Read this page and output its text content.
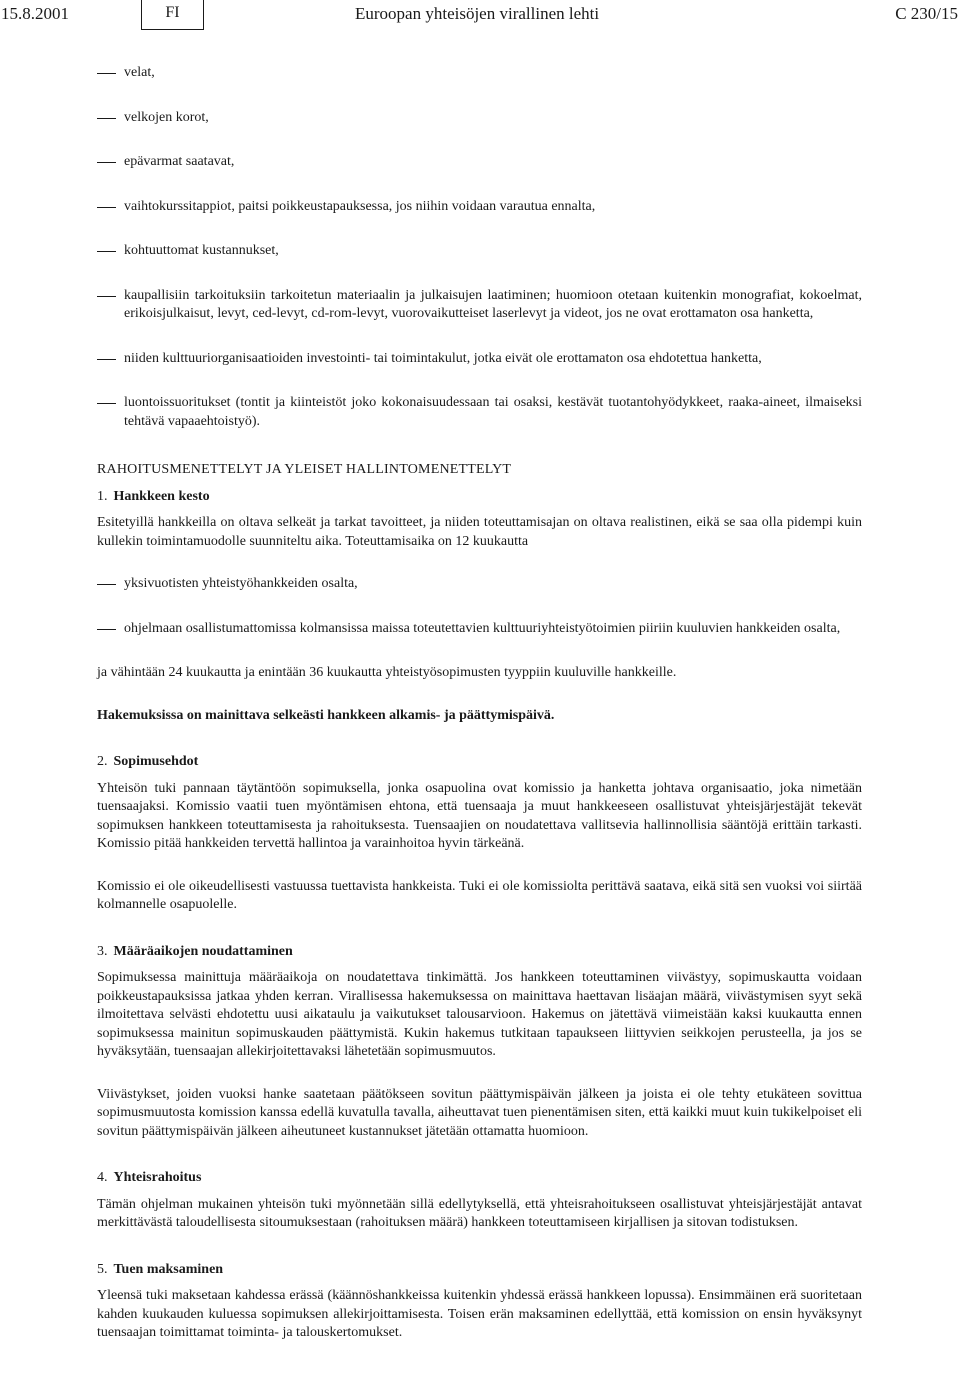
15.8.2001	FI	Euroopan yhteisöjen virallinen lehti	C 230/15
velat,
velkojen korot,
epävarmat saatavat,
vaihtokurssitappiot, paitsi poikkeustapauksessa, jos niihin voidaan varautua ennalta,
kohtuuttomat kustannukset,
kaupallisiin tarkoituksiin tarkoitetun materiaalin ja julkaisujen laatiminen; huomioon otetaan kuitenkin monografiat, kokoelmat, erikoisjulkaisut, levyt, ced-levyt, cd-rom-levyt, vuorovaikutteiset laserlevyt ja videot, jos ne ovat erottamaton osa hanketta,
niiden kulttuuriorganisaatioiden investointi- tai toimintakulut, jotka eivät ole erottamaton osa ehdotettua hanketta,
luontoissuoritukset (tontit ja kiinteistöt joko kokonaisuudessaan tai osaksi, kestävät tuotantohyödykkeet, raaka-aineet, ilmaiseksi tehtävä vapaaehtoistyö).
RAHOITUSMENETTELYT JA YLEISET HALLINTOMENETTELYT
1. Hankkeen kesto
Esitetyillä hankkeilla on oltava selkeät ja tarkat tavoitteet, ja niiden toteuttamisajan on oltava realistinen, eikä se saa olla pidempi kuin kullekin toimintamuodolle suunniteltu aika. Toteuttamisaika on 12 kuukautta
yksivuotisten yhteistyöhankkeiden osalta,
ohjelmaan osallistumattomissa kolmansissa maissa toteutettavien kulttuuriyhteistyötoimien piiriin kuuluvien hankkeiden osalta,
ja vähintään 24 kuukautta ja enintään 36 kuukautta yhteistyösopimusten tyyppiin kuuluville hankkeille.
Hakemuksissa on mainittava selkeästi hankkeen alkamis- ja päättymispäivä.
2. Sopimusehdot
Yhteisön tuki pannaan täytäntöön sopimuksella, jonka osapuolina ovat komissio ja hanketta johtava organisaatio, joka nimetään tuensaajaksi. Komissio vaatii tuen myöntämisen ehtona, että tuensaaja ja muut hankkeeseen osallistuvat yhteisjärjestäjät tekevät sopimuksen hankkeen toteuttamisesta ja rahoituksesta. Tuensaajien on noudatettava vallitsevia hallinnollisia sääntöjä erittäin tarkasti. Komissio pitää hankkeiden tervettä hallintoa ja varainhoitoa hyvin tärkeänä.
Komissio ei ole oikeudellisesti vastuussa tuettavista hankkeista. Tuki ei ole komissiolta perittävä saatava, eikä sitä sen vuoksi voi siirtää kolmannelle osapuolelle.
3. Määräaikojen noudattaminen
Sopimuksessa mainittuja määräaikoja on noudatettava tinkimättä. Jos hankkeen toteuttaminen viivästyy, sopimuskautta voidaan poikkeustapauksissa jatkaa yhden kerran. Virallisessa hakemuksessa on mainittava haettavan lisäajan määrä, viivästymisen syyt sekä ilmoitettava selvästi ehdotettu uusi aikataulu ja vaikutukset talousarvioon. Hakemus on jätettävä viimeistään kaksi kuukautta ennen sopimuksessa mainitun sopimuskauden päättymistä. Kukin hakemus tutkitaan tapaukseen liittyvien seikkojen perusteella, ja jos se hyväksytään, tuensaajan allekirjoitettavaksi lähetetään sopimusmuutos.
Viivästykset, joiden vuoksi hanke saatetaan päätökseen sovitun päättymispäivän jälkeen ja joista ei ole tehty etukäteen sovittua sopimusmuutosta komission kanssa edellä kuvatulla tavalla, aiheuttavat tuen pienentämisen siten, että kaikki muut kuin tukikelpoiset eli sovitun päättymispäivän jälkeen aiheutuneet kustannukset jätetään ottamatta huomioon.
4. Yhteisrahoitus
Tämän ohjelman mukainen yhteisön tuki myönnetään sillä edellytyksellä, että yhteisrahoitukseen osallistuvat yhteisjärjestäjät antavat merkittävästä taloudellisesta sitoumuksestaan (rahoituksen määrä) hankkeen toteuttamiseen kirjallisen ja sitovan todistuksen.
5. Tuen maksaminen
Yleensä tuki maksetaan kahdessa erässä (käännöshankkeissa kuitenkin yhdessä erässä hankkeen lopussa). Ensimmäinen erä suoritetaan kahden kuukauden kuluessa sopimuksen allekirjoittamisesta. Toisen erän maksaminen edellyttää, että komission on ensin hyväksynyt tuensaajan toimittamat toiminta- ja talouskertomukset.
